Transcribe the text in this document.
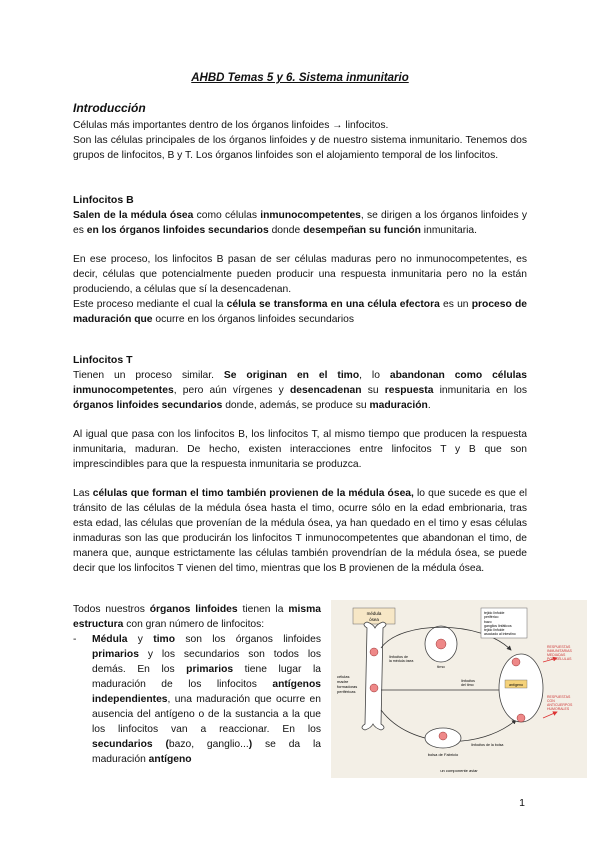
AHBD Temas 5 y 6. Sistema inmunitario
Introducción

Células más importantes dentro de los órganos linfoides → linfocitos.

Son las células principales de los órganos linfoides y de nuestro sistema inmunitario. Tenemos dos grupos de linfocitos, B y T. Los órganos linfoides son el alojamiento temporal de los linfocitos.

Linfocitos B

Salen de la médula ósea como células inmunocompetentes, se dirigen a los órganos linfoides y es en los órganos linfoides secundarios donde desempeñan su función inmunitaria.

En ese proceso, los linfocitos B pasan de ser células maduras pero no inmunocompetentes, es decir, células que potencialmente pueden producir una respuesta inmunitaria pero no la están produciendo, a células que sí la desencadenan.

Este proceso mediante el cual la célula se transforma en una célula efectora es un proceso de maduración que ocurre en los órganos linfoides secundarios

Linfocitos T

Tienen un proceso similar. Se originan en el timo, lo abandonan como células inmunocompetentes, pero aún vírgenes y desencadenan su respuesta inmunitaria en los órganos linfoides secundarios donde, además, se produce su maduración.

Al igual que pasa con los linfocitos B, los linfocitos T, al mismo tiempo que producen la respuesta inmunitaria, maduran. De hecho, existen interacciones entre linfocitos T y B que son imprescindibles para que la respuesta inmunitaria se produzca.

Las células que forman el timo también provienen de la médula ósea, lo que sucede es que el tránsito de las células de la médula ósea hasta el timo, ocurre sólo en la edad embrionaria, tras esta edad, las células que provenían de la médula ósea, ya han quedado en el timo y esas células inmaduras son las que producirán los linfocitos T inmunocompetentes que abandonan el timo, de manera que, aunque estrictamente las células también provendrían de la médula ósea, se puede decir que los linfocitos T vienen del timo, mientras que los B provienen de la médula ósea.

Todos nuestros órganos linfoides tienen la misma estructura con gran número de linfocitos:

- Médula y timo son los órganos linfoides primarios y los secundarios son todos los demás. En los primarios tiene lugar la maduración de los linfocitos antígenos independientes, una maduración que ocurre en ausencia del antígeno o de la sustancia a la que los linfocitos van a reaccionar. En los secundarios (bazo, ganglio...) se da la maduración antígeno

médula
ósea
células
madre
formadoras
periféricas
timo
linfocitos de
la médula ósea
linfocitos
del timo
bolsa de Fabricio
linfocitos de la bolsa
tejido linfoide
periférico
bazo
ganglios linfáticos
tejido linfoide
asociado al intestino
antígeno
RESPUESTAS
INMUNITARIAS
MEDIADAS
POR CÉLULAS
RESPUESTAS
CON
ANTICUERPOS
HUMORALES
un componente aviar
1
